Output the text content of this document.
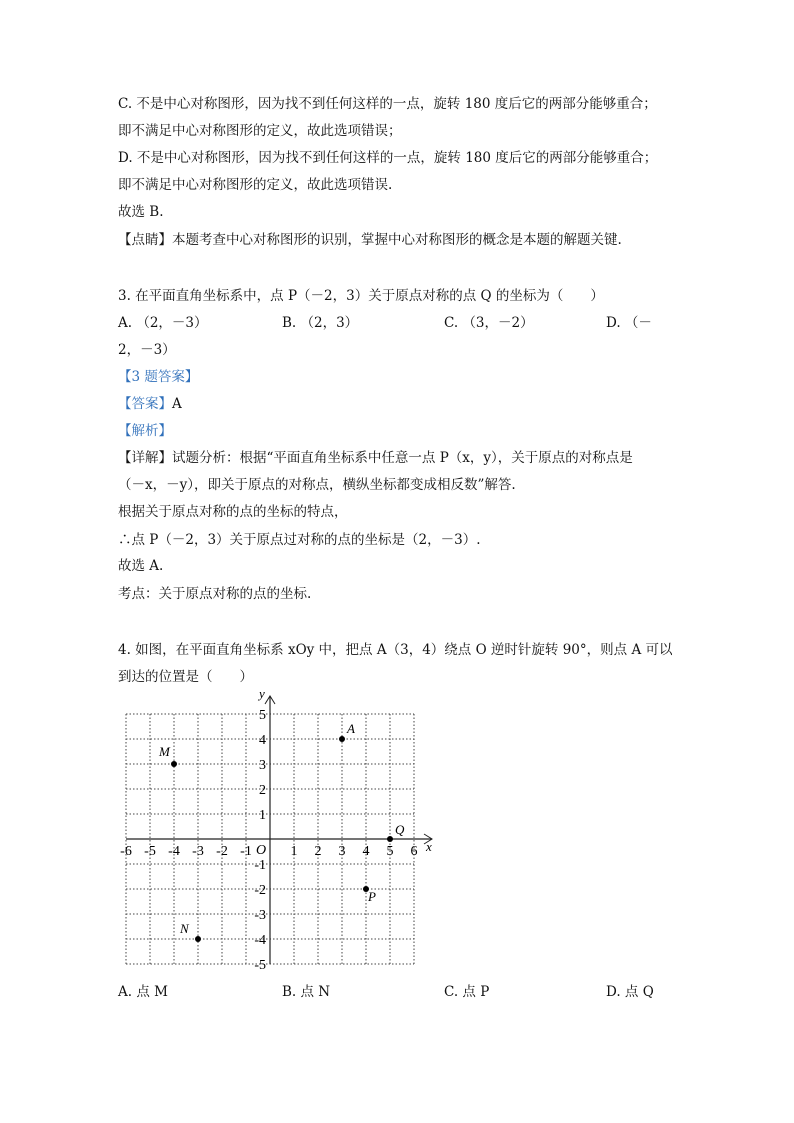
C. 不是中心对称图形，因为找不到任何这样的一点，旋转 180 度后它的两部分能够重合；
即不满足中心对称图形的定义，故此选项错误；
D. 不是中心对称图形，因为找不到任何这样的一点，旋转 180 度后它的两部分能够重合；
即不满足中心对称图形的定义，故此选项错误.
故选 B.
【点睛】本题考查中心对称图形的识别，掌握中心对称图形的概念是本题的解题关键.
3. 在平面直角坐标系中，点 P（－2，3）关于原点对称的点 Q 的坐标为（　　）
A. （2，－3）	B. （2，3）	C. （3，－2）	D. （－
2，－3）
【3 题答案】
【答案】A
【解析】
【详解】试题分析：根据“平面直角坐标系中任意一点 P（x，y），关于原点的对称点是
（－x，－y），即关于原点的对称点，横纵坐标都变成相反数”解答.
根据关于原点对称的点的坐标的特点，
∴点 P（－2，3）关于原点过对称的点的坐标是（2，－3）.
故选 A.
考点：关于原点对称的点的坐标.
4. 如图，在平面直角坐标系 xOy 中，把点 A（3，4）绕点 O 逆时针旋转 90°，则点 A 可以
到达的位置是（　　）
x
y
O
-6 -5 -4 -3 -2 -1	1 2 3 4 5 6
5
4
3
2
1
-1
-2
-3
-4
-5
A
M
N
P
Q
A. 点 M	B. 点 N	C. 点 P	D. 点 Q
